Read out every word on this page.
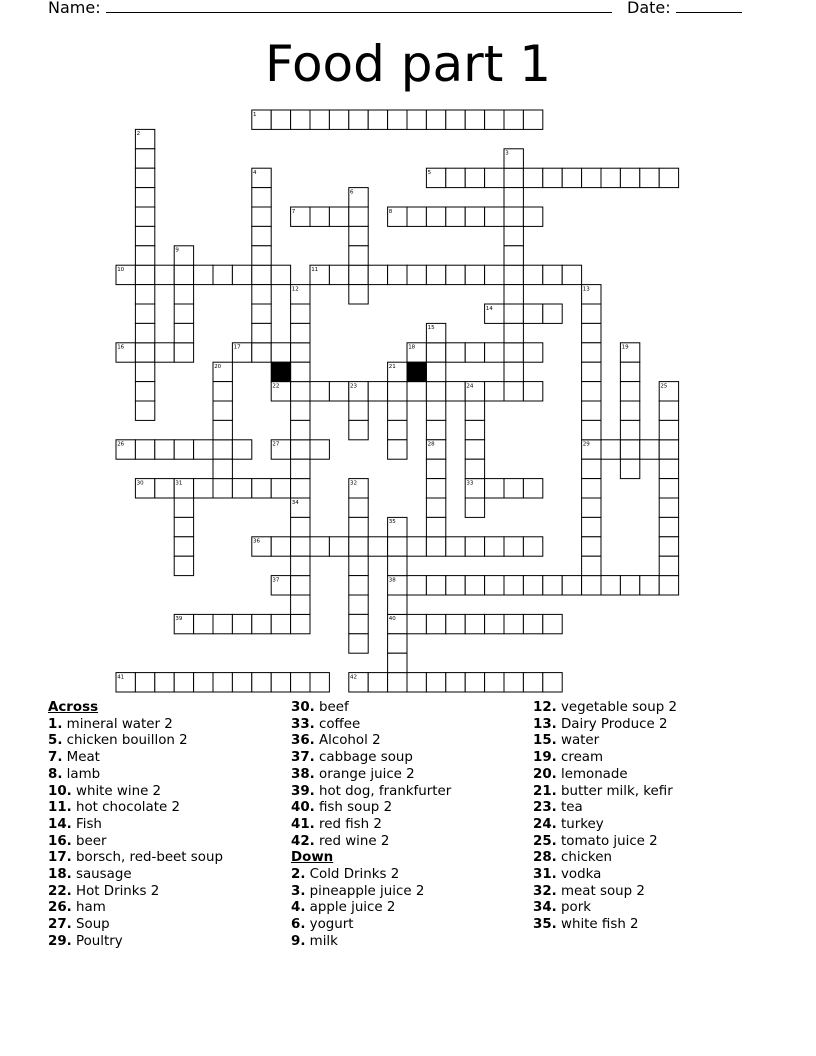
Name:	Date:
Food part 1
1
2
3
4	5
6
7	8
9
10	11
12	13
14
15
16	17	18	19
20	21
22	23	24	25
26	27	28	29
30	31	32	33
34
35
36
37	38
39	40
41	42
Across
1. mineral water 2
5. chicken bouillon 2
7. Meat
8. lamb
10. white wine 2
11. hot chocolate 2
14. Fish
16. beer
17. borsch, red-beet soup
18. sausage
22. Hot Drinks 2
26. ham
27. Soup
29. Poultry
30. beef
33. coffee
36. Alcohol 2
37. cabbage soup
38. orange juice 2
39. hot dog, frankfurter
40. fish soup 2
41. red fish 2
42. red wine 2
Down
2. Cold Drinks 2
3. pineapple juice 2
4. apple juice 2
6. yogurt
9. milk
12. vegetable soup 2
13. Dairy Produce 2
15. water
19. cream
20. lemonade
21. butter milk, kefir
23. tea
24. turkey
25. tomato juice 2
28. chicken
31. vodka
32. meat soup 2
34. pork
35. white fish 2
